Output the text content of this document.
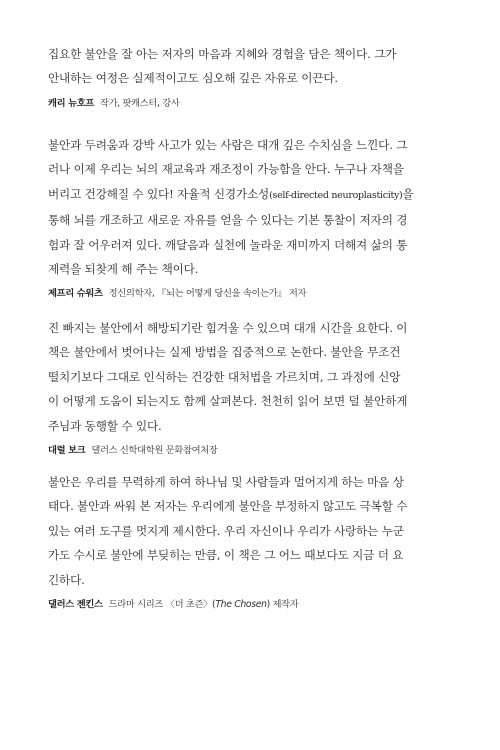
집요한 불안을 잘 아는 저자의 마음과 지혜와 경험을 담은 책이다. 그가
안내하는 여정은 실제적이고도 심오해 깊은 자유로 이끈다.
캐리 뉴호프 작가, 팟캐스터, 강사
불안과 두려움과 강박 사고가 있는 사람은 대개 깊은 수치심을 느낀다. 그
러나 이제 우리는 뇌의 재교육과 재조정이 가능함을 안다. 누구나 자책을
버리고 건강해질 수 있다! 자율적 신경가소성(self-directed neuroplasticity)을
통해 뇌를 개조하고 새로운 자유를 얻을 수 있다는 기본 통찰이 저자의 경
험과 잘 어우러져 있다. 깨달음과 실천에 놀라운 재미까지 더해져 삶의 통
제력을 되찾게 해 주는 책이다.
제프리 슈워츠 정신의학자, 『뇌는 어떻게 당신을 속이는가』 저자
진 빠지는 불안에서 해방되기란 힘겨울 수 있으며 대개 시간을 요한다. 이
책은 불안에서 벗어나는 실제 방법을 집중적으로 논한다. 불안을 무조건
떨치기보다 그대로 인식하는 건강한 대처법을 가르치며, 그 과정에 신앙
이 어떻게 도움이 되는지도 함께 살펴본다. 천천히 읽어 보면 덜 불안하게
주님과 동행할 수 있다.
대럴 보크 댈러스 신학대학원 문화참여처장
불안은 우리를 무력하게 하여 하나님 및 사람들과 멀어지게 하는 마음 상
태다. 불안과 싸워 본 저자는 우리에게 불안을 부정하지 않고도 극복할 수
있는 여러 도구를 멋지게 제시한다. 우리 자신이나 우리가 사랑하는 누군
가도 수시로 불안에 부딪히는 만큼, 이 책은 그 어느 때보다도 지금 더 요
긴하다.
댈러스 젠킨스 드라마 시리즈 〈더 초즌〉(The Chosen) 제작자
